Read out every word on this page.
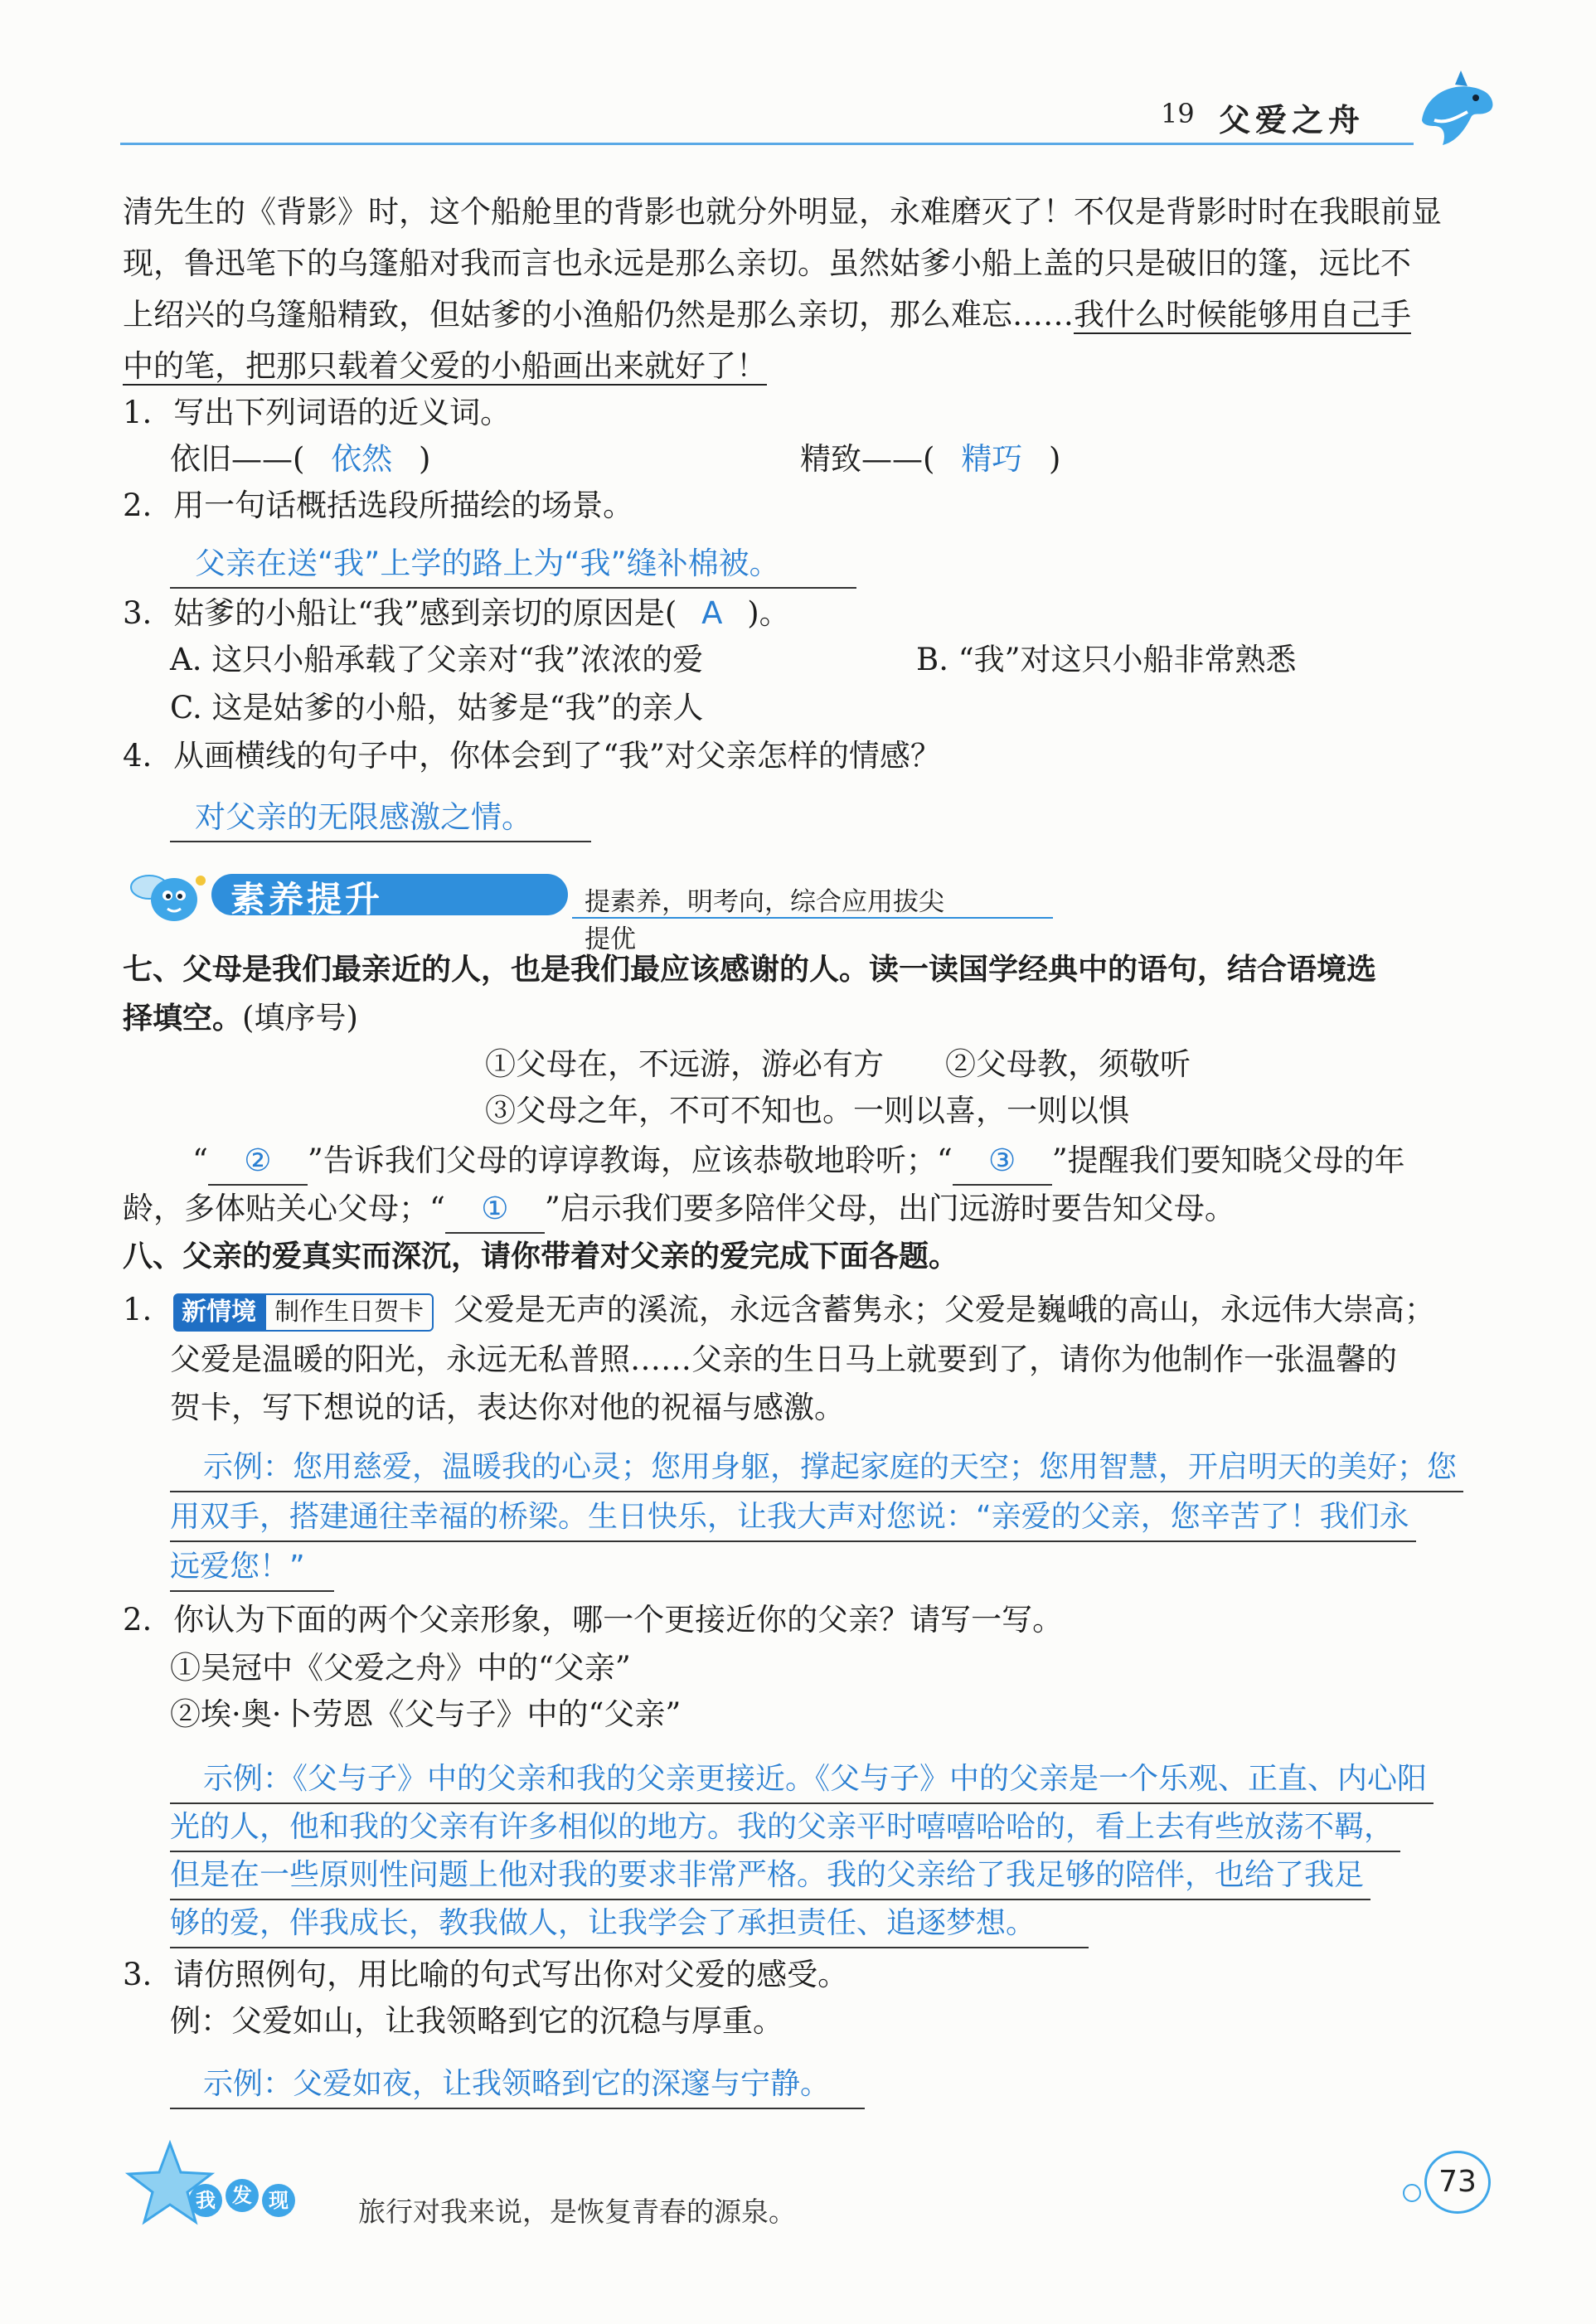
19 父爱之舟
清先生的《背影》时，这个船舱里的背影也就分外明显，永难磨灭了！不仅是背影时时在我眼前显
现，鲁迅笔下的乌篷船对我而言也永远是那么亲切。虽然姑爹小船上盖的只是破旧的篷，远比不
上绍兴的乌篷船精致，但姑爹的小渔船仍然是那么亲切，那么难忘……我什么时候能够用自己手
中的笔，把那只载着父爱的小船画出来就好了！
1. 写出下列词语的近义词。
依旧——( 依然 )	精致——( 精巧 )
2. 用一句话概括选段所描绘的场景。
父亲在送“我”上学的路上为“我”缝补棉被。
3. 姑爹的小船让“我”感到亲切的原因是( A )。
A. 这只小船承载了父亲对“我”浓浓的爱	B. “我”对这只小船非常熟悉
C. 这是姑爹的小船，姑爹是“我”的亲人
4. 从画横线的句子中，你体会到了“我”对父亲怎样的情感？
对父亲的无限感激之情。
素养提升	提素养，明考向，综合应用拔尖提优
七、父母是我们最亲近的人，也是我们最应该感谢的人。读一读国学经典中的语句，结合语境选
择填空。(填序号)
①父母在，不远游，游必有方 ②父母教，须敬听
③父母之年，不可不知也。一则以喜，一则以惧
“ ② ”告诉我们父母的谆谆教诲，应该恭敬地聆听；“ ③ ”提醒我们要知晓父母的年
龄，多体贴关心父母；“ ① ”启示我们要多陪伴父母，出门远游时要告知父母。
八、父亲的爱真实而深沉，请你带着对父亲的爱完成下面各题。
1. 新情境 制作生日贺卡 父爱是无声的溪流，永远含蓄隽永；父爱是巍峨的高山，永远伟大崇高；
父爱是温暖的阳光，永远无私普照……父亲的生日马上就要到了，请你为他制作一张温馨的
贺卡，写下想说的话，表达你对他的祝福与感激。
示例：您用慈爱，温暖我的心灵；您用身躯，撑起家庭的天空；您用智慧，开启明天的美好；您
用双手，搭建通往幸福的桥梁。生日快乐，让我大声对您说：“亲爱的父亲，您辛苦了！我们永
远爱您！”
2. 你认为下面的两个父亲形象，哪一个更接近你的父亲？请写一写。
①吴冠中《父爱之舟》中的“父亲”
②埃·奥·卜劳恩《父与子》中的“父亲”
示例：《父与子》中的父亲和我的父亲更接近。《父与子》中的父亲是一个乐观、正直、内心阳
光的人，他和我的父亲有许多相似的地方。我的父亲平时嘻嘻哈哈的，看上去有些放荡不羁，
但是在一些原则性问题上他对我的要求非常严格。我的父亲给了我足够的陪伴，也给了我足
够的爱，伴我成长，教我做人，让我学会了承担责任、追逐梦想。
3. 请仿照例句，用比喻的句式写出你对父爱的感受。
例：父爱如山，让我领略到它的沉稳与厚重。
示例：父爱如夜，让我领略到它的深邃与宁静。
我 发 现	旅行对我来说，是恢复青春的源泉。
73
